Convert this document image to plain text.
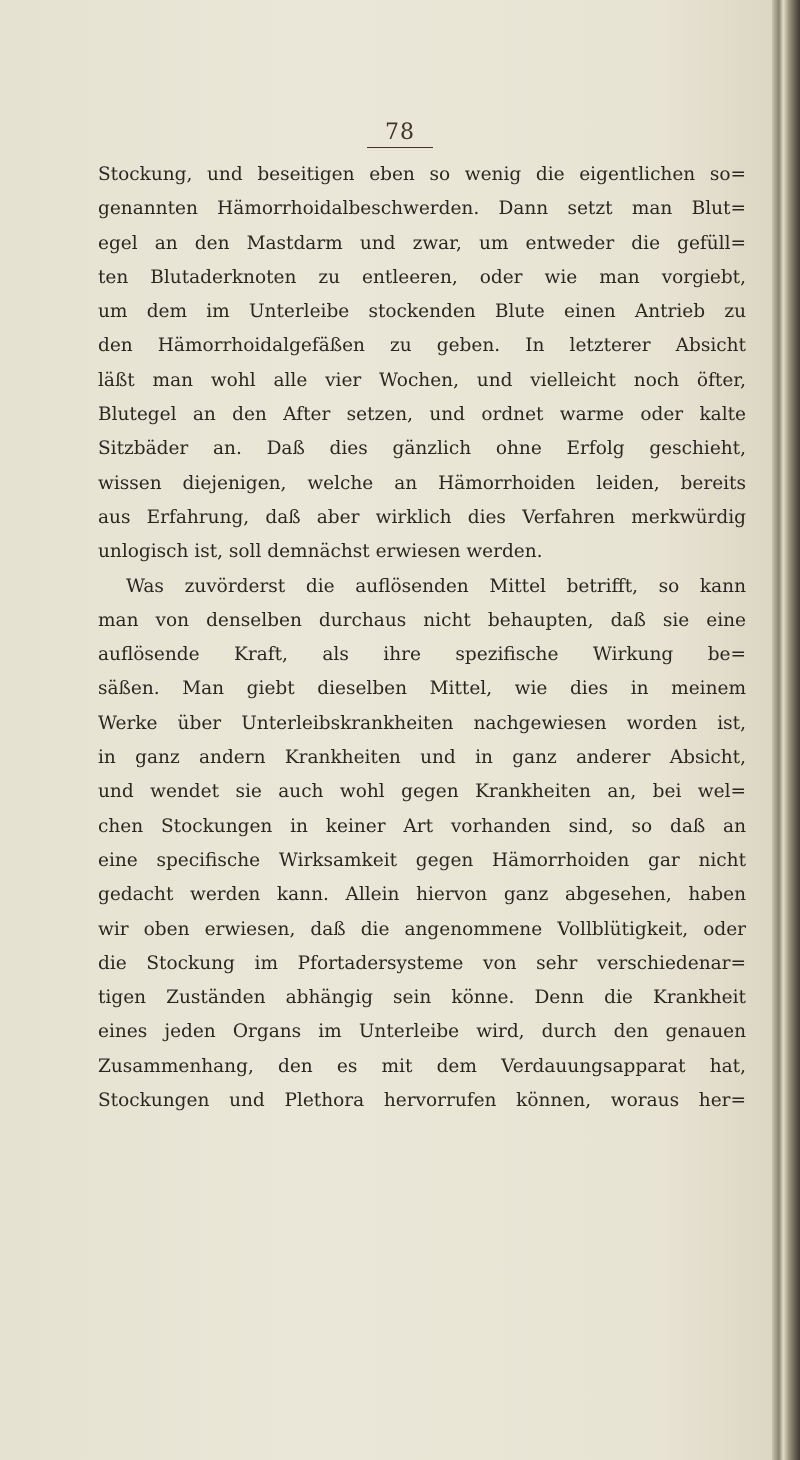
78
Stockung, und beseitigen eben so wenig die eigentlichen so=
genannten Hämorrhoidalbeschwerden. Dann setzt man Blut=
egel an den Mastdarm und zwar, um entweder die gefüll=
ten Blutaderknoten zu entleeren, oder wie man vorgiebt,
um dem im Unterleibe stockenden Blute einen Antrieb zu
den Hämorrhoidalgefäßen zu geben. In letzterer Absicht
läßt man wohl alle vier Wochen, und vielleicht noch öfter,
Blutegel an den After setzen, und ordnet warme oder kalte
Sitzbäder an. Daß dies gänzlich ohne Erfolg geschieht,
wissen diejenigen, welche an Hämorrhoiden leiden, bereits
aus Erfahrung, daß aber wirklich dies Verfahren merkwürdig
unlogisch ist, soll demnächst erwiesen werden.
Was zuvörderst die auflösenden Mittel betrifft, so kann
man von denselben durchaus nicht behaupten, daß sie eine
auflösende Kraft, als ihre spezifische Wirkung be=
säßen. Man giebt dieselben Mittel, wie dies in meinem
Werke über Unterleibskrankheiten nachgewiesen worden ist,
in ganz andern Krankheiten und in ganz anderer Absicht,
und wendet sie auch wohl gegen Krankheiten an, bei wel=
chen Stockungen in keiner Art vorhanden sind, so daß an
eine specifische Wirksamkeit gegen Hämorrhoiden gar nicht
gedacht werden kann. Allein hiervon ganz abgesehen, haben
wir oben erwiesen, daß die angenommene Vollblütigkeit, oder
die Stockung im Pfortadersysteme von sehr verschiedenar=
tigen Zuständen abhängig sein könne. Denn die Krankheit
eines jeden Organs im Unterleibe wird, durch den genauen
Zusammenhang, den es mit dem Verdauungsapparat hat,
Stockungen und Plethora hervorrufen können, woraus her=
